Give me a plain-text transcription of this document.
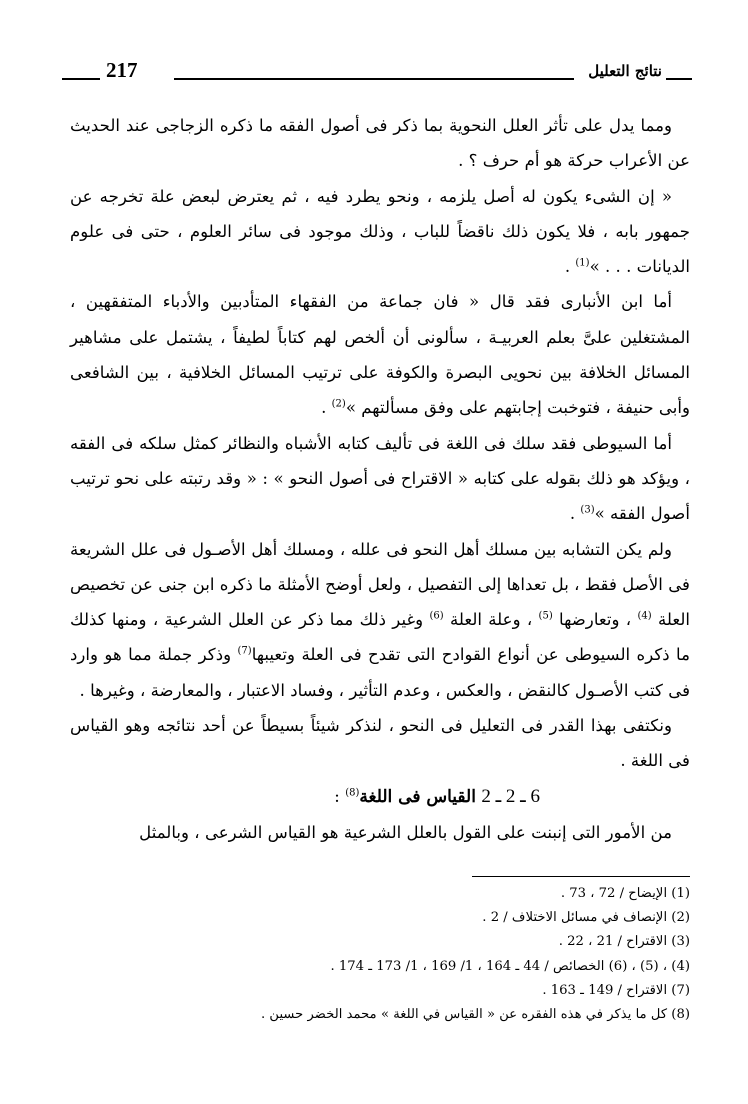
217	نتائج التعليل

ومما يدل على تأثر العلل النحوية بما ذكر فى أصول الفقه ما ذكره الزجاجى عند الحديث عن الأعراب حركة هو أم حرف ؟ .

« إن الشىء يكون له أصل يلزمه ، ونحو يطرد فيه ، ثم يعترض لبعض علة تخرجه عن جمهور بابه ، فلا يكون ذلك ناقضاً للباب ، وذلك موجود فى سائر العلوم ، حتى فى علوم الديانات . . . »$^{(1)}$ .

أما ابن الأنبارى فقد قال « فان جماعة من الفقهاء المتأدبين والأدباء المتفقهين ، المشتغلين علىَّ بعلم العربيـة ، سألونى أن ألخص لهم كتاباً لطيفاً ، يشتمل على مشاهير المسائل الخلافة بين نحويى البصرة والكوفة على ترتيب المسائل الخلافية ، بين الشافعى وأبى حنيفة ، فتوخبت إجابتهم على وفق مسألتهم »$^{(2)}$ .

أما السيوطى فقد سلك فى اللغة فى تأليف كتابه الأشباه والنظائر كمثل سلكه فى الفقه ، ويؤكد هو ذلك بقوله على كتابه « الاقتراح فى أصول النحو » : « وقد رتبته على نحو ترتيب أصول الفقه »$^{(3)}$ .

ولم يكن التشابه بين مسلك أهل النحو فى علله ، ومسلك أهل الأصـول فى علل الشريعة فى الأصل فقط ، بل تعداها إلى التفصيل ، ولعل أوضح الأمثلة ما ذكره ابن جنى عن تخصيص العلة $^{(4)}$ ، وتعارضها $^{(5)}$ ، وعلة العلة $^{(6)}$ وغير ذلك مما ذكر عن العلل الشرعية ، ومنها كذلك ما ذكره السيوطى عن أنواع القوادح التى تقدح فى العلة وتعيبها$^{(7)}$ وذكر جملة مما هو وارد فى كتب الأصـول كالنقض ، والعكس ، وعدم التأثير ، وفساد الاعتبار ، والمعارضة ، وغيرها .

ونكتفى بهذا القدر فى التعليل فى النحو ، لنذكر شيئاً بسيطاً عن أحد نتائجه وهو القياس فى اللغة .

6 ـ 2 ـ 2 القياس فى اللغة$^{(8)}$ :

من الأمور التى إنبنت على القول بالعلل الشرعية هو القياس الشرعى ، وبالمثل

(1) الإيضاح / 72 ، 73 .
(2) الإنصاف في مسائل الاختلاف / 2 .
(3) الاقتراح / 21 ، 22 .
(4) ، (5) ، (6) الخصائص / 44 ـ 164 ، 1/ 169 ، 1/ 173 ـ 174 .
(7) الاقتراح / 149 ـ 163 .
(8) كل ما يذكر في هذه الفقره عن « القياس في اللغة » محمد الخضر حسين .
